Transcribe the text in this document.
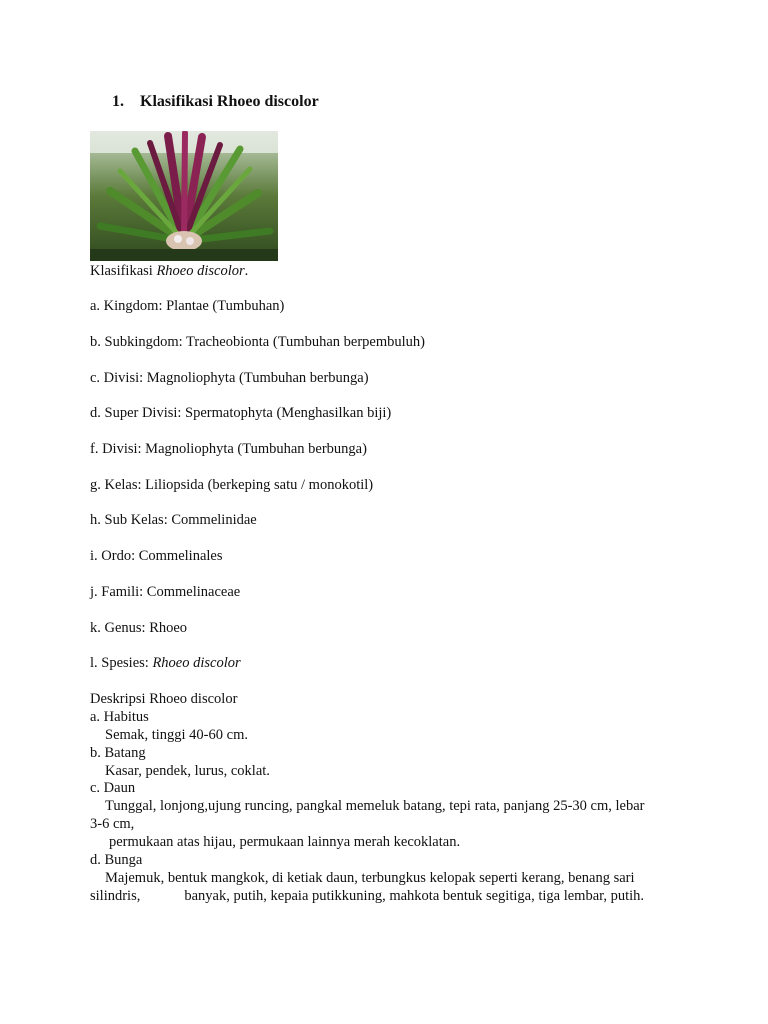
1. Klasifikasi Rhoeo discolor
Klasifikasi Rhoeo discolor.
a. Kingdom: Plantae (Tumbuhan)
b. Subkingdom: Tracheobionta (Tumbuhan berpembuluh)
c. Divisi: Magnoliophyta (Tumbuhan berbunga)
d. Super Divisi: Spermatophyta (Menghasilkan biji)
f. Divisi: Magnoliophyta (Tumbuhan berbunga)
g. Kelas: Liliopsida (berkeping satu / monokotil)
h. Sub Kelas: Commelinidae
i. Ordo: Commelinales
j. Famili: Commelinaceae
k. Genus: Rhoeo
l. Spesies: Rhoeo discolor
Deskripsi Rhoeo discolor
a. Habitus
Semak, tinggi 40-60 cm.
b. Batang
Kasar, pendek, lurus, coklat.
c. Daun
Tunggal, lonjong,ujung runcing, pangkal memeluk batang, tepi rata, panjang 25-30 cm, lebar
3-6 cm,
permukaan atas hijau, permukaan lainnya merah kecoklatan.
d. Bunga
Majemuk, bentuk mangkok, di ketiak daun, terbungkus kelopak seperti kerang, benang sari
silindris,	banyak, putih, kepaia putikkuning, mahkota bentuk segitiga, tiga lembar, putih.
